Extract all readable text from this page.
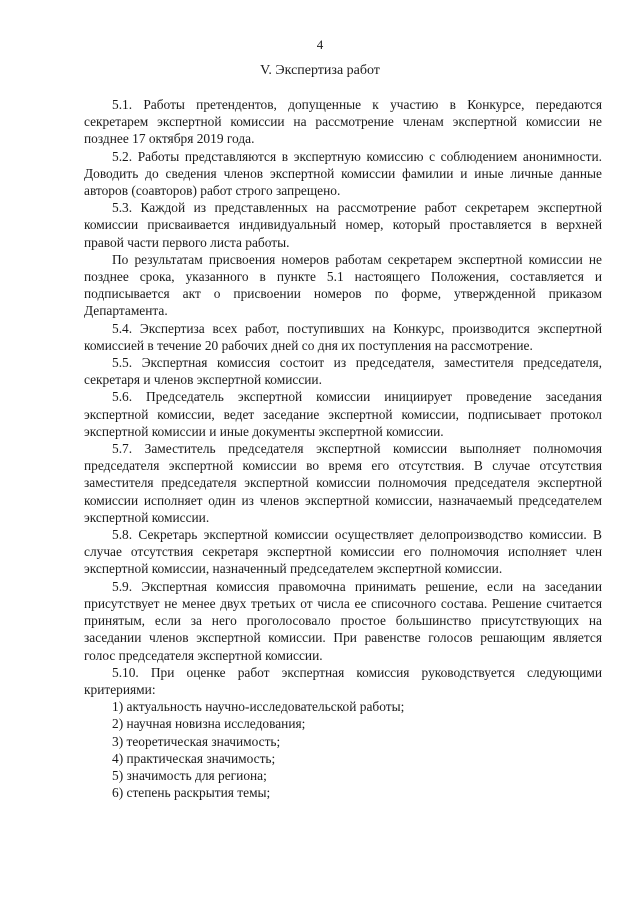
4
V. Экспертиза работ

5.1. Работы претендентов, допущенные к участию в Конкурсе, передаются секретарем экспертной комиссии на рассмотрение членам экспертной комиссии не позднее 17 октября 2019 года.

5.2. Работы представляются в экспертную комиссию с соблюдением анонимности. Доводить до сведения членов экспертной комиссии фамилии и иные личные данные авторов (соавторов) работ строго запрещено.

5.3. Каждой из представленных на рассмотрение работ секретарем экспертной комиссии присваивается индивидуальный номер, который проставляется в верхней правой части первого листа работы.

По результатам присвоения номеров работам секретарем экспертной комиссии не позднее срока, указанного в пункте 5.1 настоящего Положения, составляется и подписывается акт о присвоении номеров по форме, утвержденной приказом Департамента.

5.4. Экспертиза всех работ, поступивших на Конкурс, производится экспертной комиссией в течение 20 рабочих дней со дня их поступления на рассмотрение.

5.5. Экспертная комиссия состоит из председателя, заместителя председателя, секретаря и членов экспертной комиссии.

5.6. Председатель экспертной комиссии инициирует проведение заседания экспертной комиссии, ведет заседание экспертной комиссии, подписывает протокол экспертной комиссии и иные документы экспертной комиссии.

5.7. Заместитель председателя экспертной комиссии выполняет полномочия председателя экспертной комиссии во время его отсутствия. В случае отсутствия заместителя председателя экспертной комиссии полномочия председателя экспертной комиссии исполняет один из членов экспертной комиссии, назначаемый председателем экспертной комиссии.

5.8. Секретарь экспертной комиссии осуществляет делопроизводство комиссии. В случае отсутствия секретаря экспертной комиссии его полномочия исполняет член экспертной комиссии, назначенный председателем экспертной комиссии.

5.9. Экспертная комиссия правомочна принимать решение, если на заседании присутствует не менее двух третьих от числа ее списочного состава. Решение считается принятым, если за него проголосовало простое большинство присутствующих на заседании членов экспертной комиссии. При равенстве голосов решающим является голос председателя экспертной комиссии.

5.10. При оценке работ экспертная комиссия руководствуется следующими критериями:

1) актуальность научно-исследовательской работы;

2) научная новизна исследования;

3) теоретическая значимость;

4) практическая значимость;

5) значимость для региона;

6) степень раскрытия темы;
